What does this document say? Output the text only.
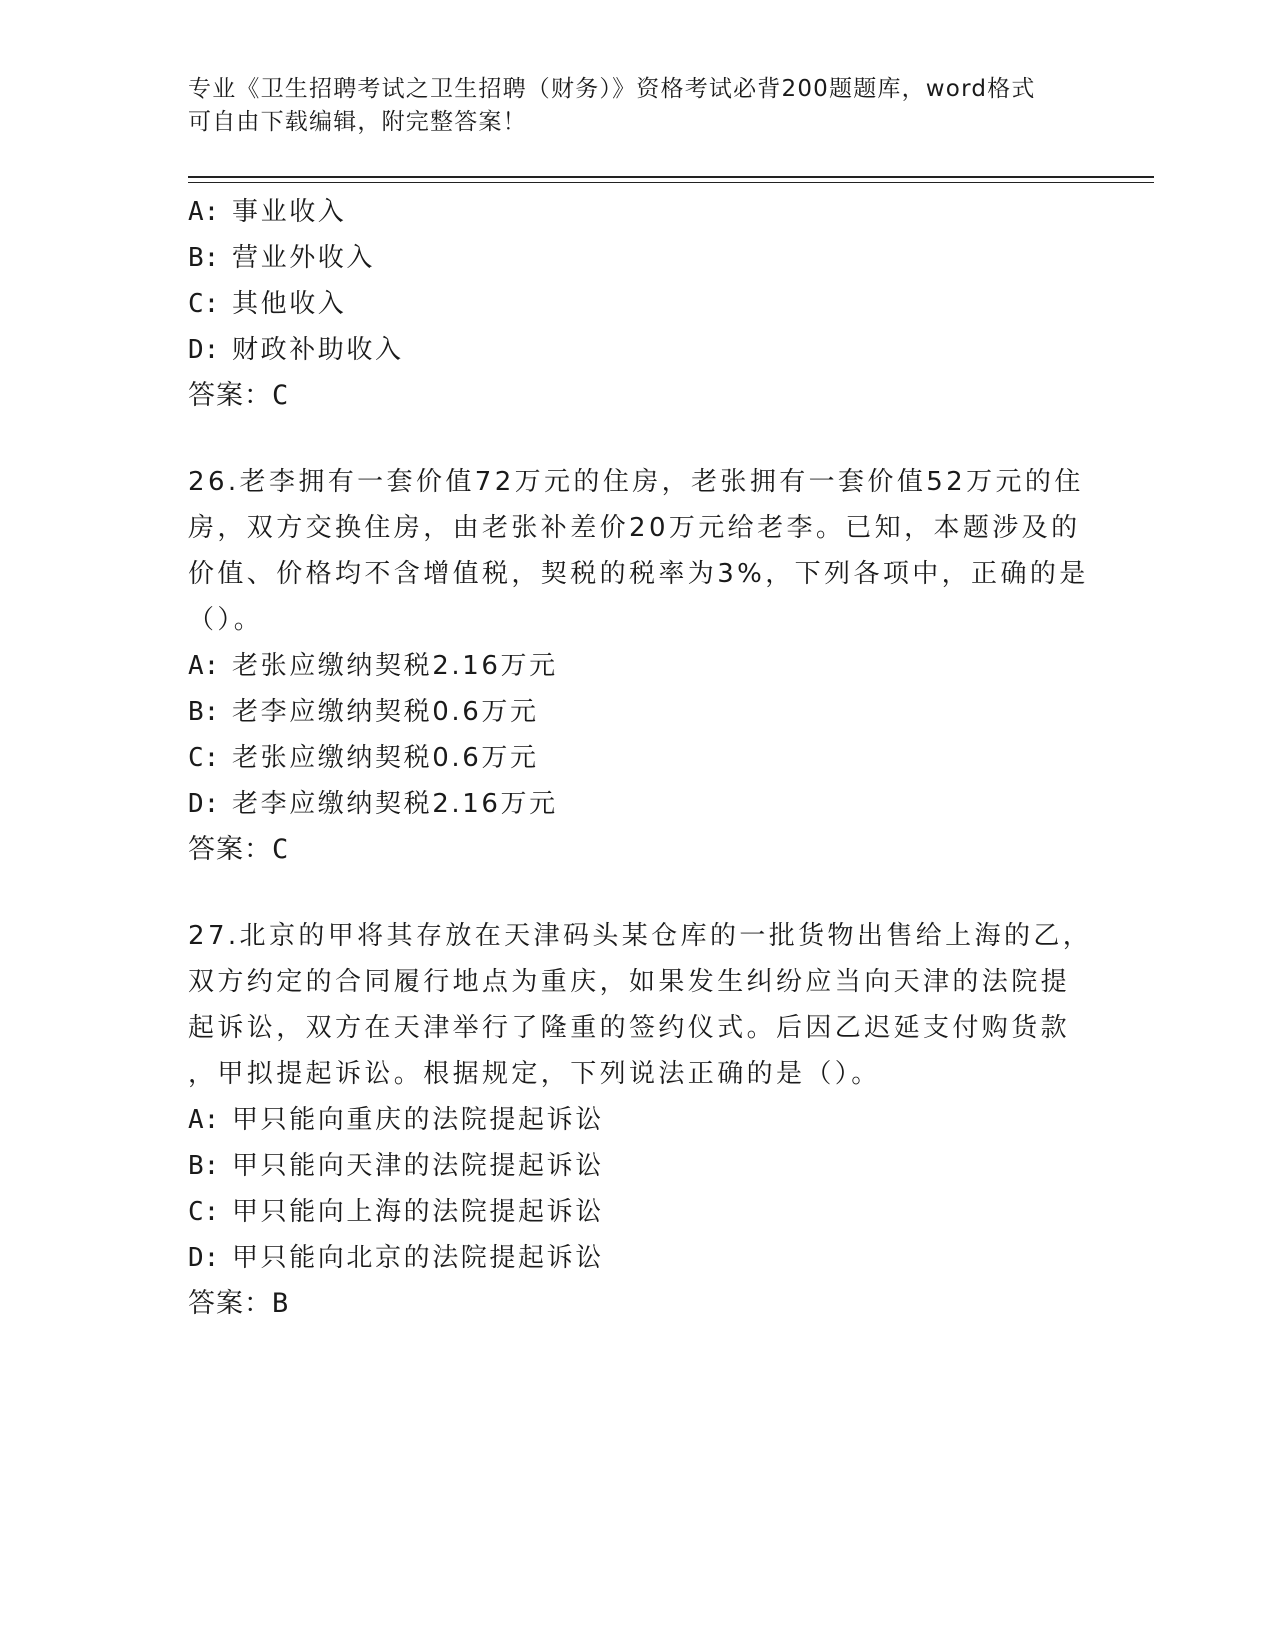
专业《卫生招聘考试之卫生招聘（财务）》资格考试必背200题题库，word格式
可自由下载编辑，附完整答案！
A: 事业收入
B: 营业外收入
C: 其他收入
D: 财政补助收入
答案：C
26.老李拥有一套价值72万元的住房，老张拥有一套价值52万元的住
房，双方交换住房，由老张补差价20万元给老李。已知，本题涉及的
价值、价格均不含增值税，契税的税率为3%，下列各项中，正确的是
（）。
A: 老张应缴纳契税2.16万元
B: 老李应缴纳契税0.6万元
C: 老张应缴纳契税0.6万元
D: 老李应缴纳契税2.16万元
答案：C
27.北京的甲将其存放在天津码头某仓库的一批货物出售给上海的乙，
双方约定的合同履行地点为重庆，如果发生纠纷应当向天津的法院提
起诉讼，双方在天津举行了隆重的签约仪式。后因乙迟延支付购货款
，甲拟提起诉讼。根据规定，下列说法正确的是（）。
A: 甲只能向重庆的法院提起诉讼
B: 甲只能向天津的法院提起诉讼
C: 甲只能向上海的法院提起诉讼
D: 甲只能向北京的法院提起诉讼
答案：B
